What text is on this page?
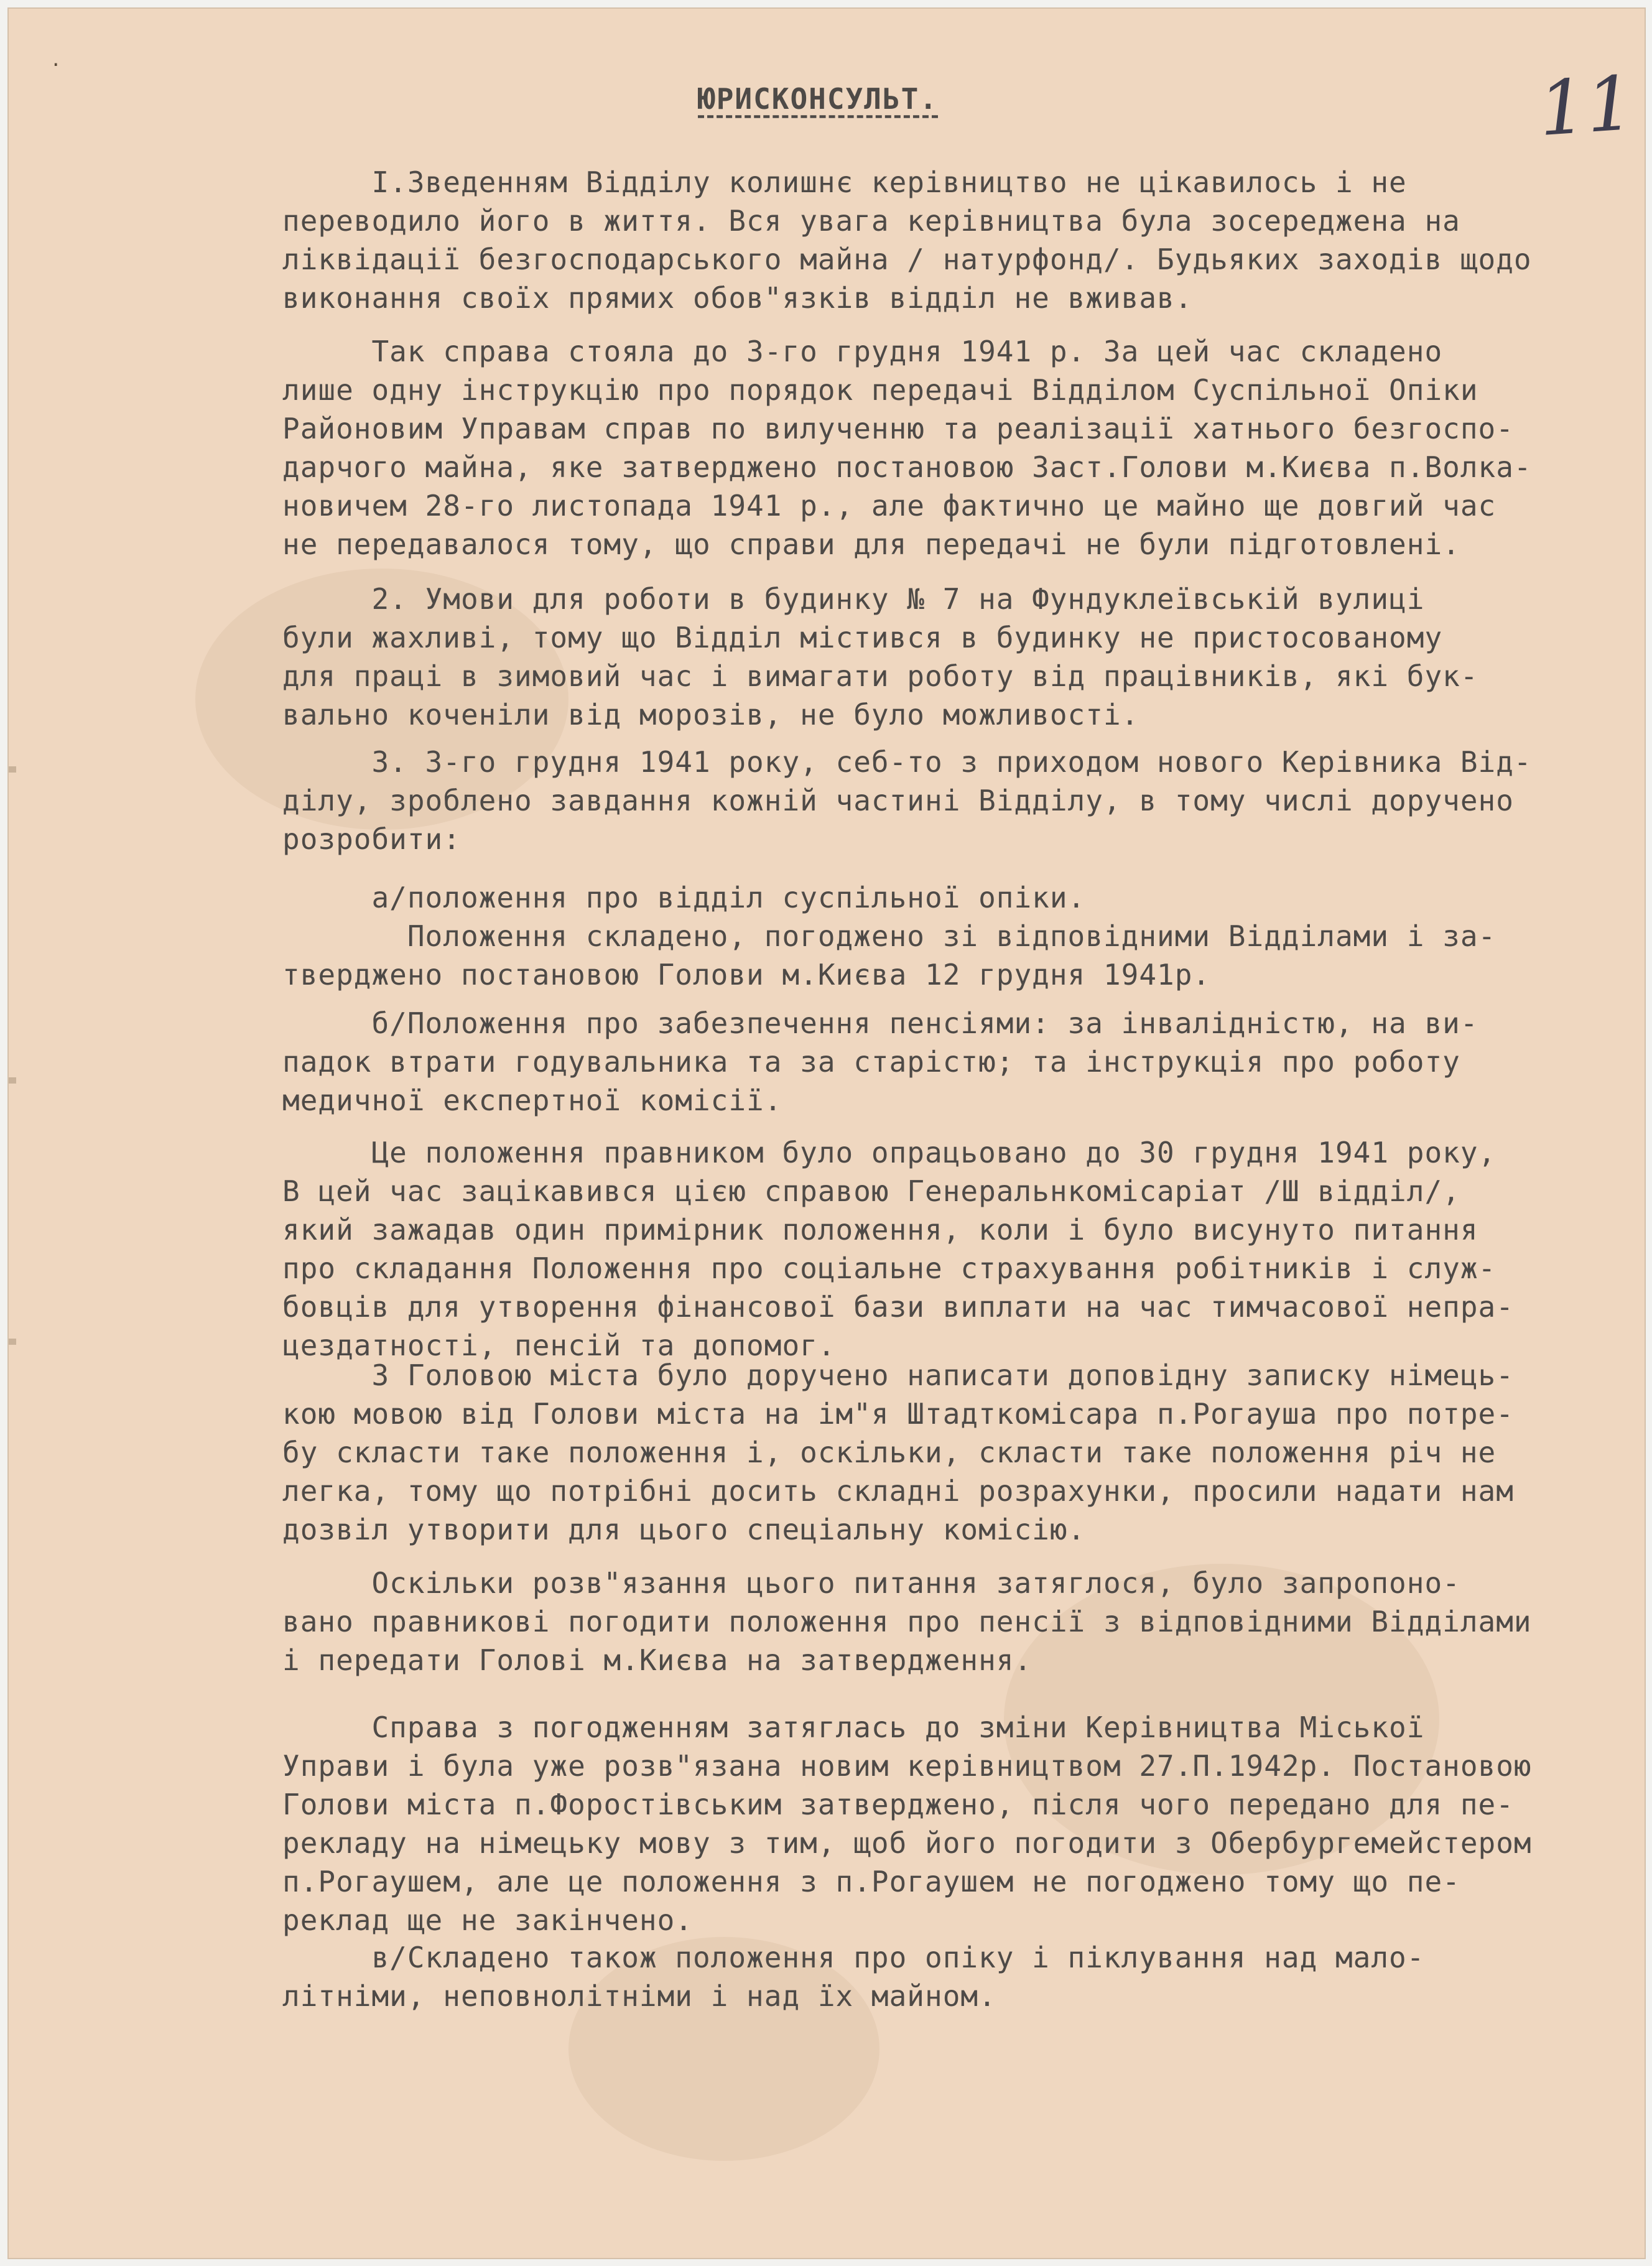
·
ЮРИСКОНСУЛЬТ.	11

I.Зведенням Відділу колишнє керівництво не цікавилось і не

переводило його в життя. Вся увага керівництва була зосереджена на

ліквідації безгосподарського майна / натурфонд/. Будьяких заходів щодо

виконання своїх прямих обов"язків відділ не вживав.

Так справа стояла до 3-го грудня 1941 р. За цей час складено

лише одну інструкцію про порядок передачі Відділом Суспільної Опіки

Районовим Управам справ по вилученню та реалізації хатнього безгоспо-

дарчого майна, яке затверджено постановою Заст.Голови м.Києва п.Волка-

новичем 28-го листопада 1941 р., але фактично це майно ще довгий час

не передавалося тому, що справи для передачі не були підготовлені.

2. Умови для роботи в будинку № 7 на Фундуклеївській вулиці

були жахливі, тому що Відділ містився в будинку не пристосованому

для праці в зимовий час і вимагати роботу від працівників, які бук-

вально коченіли від морозів, не було можливості.

3. 3-го грудня 1941 року, себ-то з приходом нового Керівника Від-

ділу, зроблено завдання кожній частині Відділу, в тому числі доручено

розробити:

а/положення про відділ суспільної опіки.

Положення складено, погоджено зі відповідними Відділами і за-

тверджено постановою Голови м.Києва 12 грудня 1941р.

б/Положення про забезпечення пенсіями: за інвалідністю, на ви-

падок втрати годувальника та за старістю; та інструкція про роботу

медичної експертної комісії.

Це положення правником було опрацьовано до 30 грудня 1941 року,

В цей час зацікавився цією справою Генеральнкомісаріат /Ш відділ/,

який зажадав один примірник положення, коли і було висунуто питання

про складання Положення про соціальне страхування робітників і служ-

бовців для утворення фінансової бази виплати на час тимчасової непра-

цездатності, пенсій та допомог.

З Головою міста було доручено написати доповідну записку німець-

кою мовою від Голови міста на ім"я Штадткомісара п.Рогауша про потре-

бу скласти таке положення і, оскільки, скласти таке положення річ не

легка, тому що потрібні досить складні розрахунки, просили надати нам

дозвіл утворити для цього спеціальну комісію.

Оскільки розв"язання цього питання затяглося, було запропоно-

вано правникові погодити положення про пенсії з відповідними Відділами

і передати Голові м.Києва на затвердження.

Справа з погодженням затяглась до зміни Керівництва Міської

Управи і була уже розв"язана новим керівництвом 27.П.1942р. Постановою

Голови міста п.Форостівським затверджено, після чого передано для пе-

рекладу на німецьку мову з тим, щоб його погодити з Обербургемейстером

п.Рогаушем, але це положення з п.Рогаушем не погоджено тому що пе-

реклад ще не закінчено.

в/Складено також положення про опіку і піклування над мало-

літніми, неповнолітніми і над їх майном.
